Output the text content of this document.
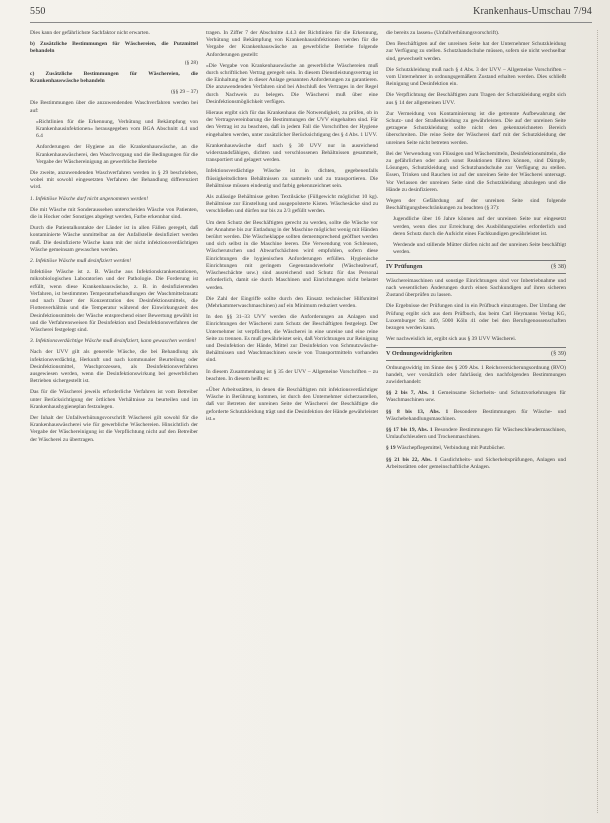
550	Krankenhaus-Umschau 7/94

Dies kann der gefährlichste Sachfaktor nicht erwarten.

b) Zusätzliche Bestimmungen für Wäschereien, die Putzmittel behandeln

(§ 28)

c) Zusätzliche Bestimmungen für Wäschereien, die Krankenhauswäsche behandeln

(§§ 29 – 37)

Die Bestimmungen über die anzuwendenden Waschverfahren werden bei auf:

»Richtlinien für die Erkennung, Verhütung und Bekämpfung von Krankenhausinfektionen« herausgegeben vom BGA Abschnitt 4.4 und 6.4

Anforderungen der Hygiene an die Krankenhauswäsche, an die Krankenhauswäscherei, den Waschvorgang und die Bedingungen für die Vergabe der Wäschereinigung an gewerbliche Betriebe

Die zweite, anzuwendenden Waschverfahren werden in § 29 beschrieben, wobei mit sowohl eingesetzten Verfahren der Behandlung differenziert wird.

1. Infektiöse Wäsche darf nicht angenommen werden!

Die mit Wäsche mit Sonderaussehen unterscheiden Wäsche von Patienten, die in Hocker oder Sonstiges abgelegt werden, Farbe erkennbar sind.

Durch die Patientalkontakte der Länder ist in allen Fällen geregelt, daß kontaminierte Wäsche unmittelbar an der Anfallstelle desinfiziert werden muß. Die desinfizierte Wäsche kann mit der nicht infektionsverdächtigen Wäsche gemeinsam gewaschen werden.

2. Infektiöse Wäsche muß desinfiziert werden!

Infektiöse Wäsche ist z. B. Wäsche aus Infektionskrankenstationen, mikrobiologischen Laboratorien und der Pathologie. Die Forderung ist erfüllt, wenn diese Krankenhauswäsche, z. B. in desinfizierenden Verfahren, ist bestimmten Temperaturbehandlungen der Waschmittelzusatz und nach Dauer der Konzentration des Desinfektionsmittels, die Flottenverhältnis und die Temperatur während der Einwirkungszeit des Desinfektionsmittels der Wäsche entsprechend einer Bewertung gewählt ist und die Verfahrensweisen für Desinfektion und Desinfektionsverfahren der Wäscherei festgelegt sind.

3. Infektionsverdächtige Wäsche muß desinfiziert, kann gewaschen werden!

Nach der UVV gilt als generelle Wäsche, die bei Behandlung als infektionsverdächtig, Herkunft und nach kommunaler Beurteilung oder Desinfektionsmittel, Waschprozessen, als Desinfektionsverfahren ausgewiesen werden, wenn die Desinfektionswirkung bei gewerblichen Betrieben sichergestellt ist.

Das für die Wäscherei jeweils erforderliche Verfahren ist vom Betreiber unter Berücksichtigung der örtlichen Verhältnisse zu beurteilen und im Krankenhaushygieneplan festzulegen.

Der Inhalt der Unfallverhütungsvorschrift Wäscherei gilt sowohl für die Krankenhauswäscherei wie für gewerbliche Wäschereien. Hinsichtlich der Vergabe der Wäschereinigung ist die Verpflichtung nicht auf den Betreiber der Wäscherei zu übertragen.

tragen. In Ziffer 7 der Abschnitte 4.4.3 der Richtlinien für die Erkennung, Verhütung und Bekämpfung von Krankenhausinfektionen werden für die Vergabe der Krankenhauswäsche an gewerbliche Betriebe folgende Anforderungen gestellt:

»Die Vergabe von Krankenhauswäsche an gewerbliche Wäschereien muß durch schriftlichen Vertrag geregelt sein. In diesem Dienstleistungsvertrag ist die Einhaltung der in dieser Anlage genannten Anforderungen zu garantieren. Die anzuwendenden Verfahren sind bei Abschluß des Vertrages in der Regel durch Nachweis zu belegen. Die Wäscherei muß über eine Desinfektionsmöglichkeit verfügen.

Hieraus ergibt sich für das Krankenhaus die Notwendigkeit, zu prüfen, ob in der Vertragsvereinbarung die Bestimmungen der UVV eingehalten sind. Für den Vertrag ist zu beachten, daß in jedem Fall die Vorschriften der Hygiene eingehalten werden, unter zusätzlicher Berücksichtigung des § 4 Abs. 1 UVV.

Krankenhauswäsche darf nach § 30 UVV nur in ausreichend widerstandsfähigen, dichten und verschlossenen Behältnissen gesammelt, transportiert und gelagert werden.

Infektionsverdächtige Wäsche ist in dichten, gegebenenfalls flüssigkeitsdichten Behältnissen zu sammeln und zu transportieren. Die Behältnisse müssen eindeutig und farbig gekennzeichnet sein.

Als zulässige Behältnisse gelten Textilsäcke (Füllgewicht möglichst 10 kg). Behältnisse zur Einstellung und ausgepolsterte Kisten. Wäschesäcke sind zu verschließen und dürfen nur bis zu 2/3 gefüllt werden.

Um dem Schutz der Beschäftigten gerecht zu werden, sollte die Wäsche vor der Annahme bis zur Entladung in der Maschine möglichst wenig mit Händen berührt werden. Die Wäscheklappe sollten dementsprechend geöffnet werden und sich selbst in die Maschine leeren. Die Verwendung von Schleusen, Wäscherutschen und Abwurfschächten wird empfohlen, sofern diese Einrichtungen die hygienischen Anforderungen erfüllen. Hygienische Einrichtungen mit geringem Gegenstandsverkehr (Wäscheabwurf, Wäscheschächte usw.) sind ausreichend und Schutz für das Personal erforderlich, damit sie durch Maschinen und Einrichtungen nicht belastet werden.

Die Zahl der Eingriffe sollte durch den Einsatz technischer Hilfsmittel (Mehrkammerwaschmaschinen) auf ein Minimum reduziert werden.

In den §§ 31–33 UVV werden die Anforderungen an Anlagen und Einrichtungen der Wäscherei zum Schutz der Beschäftigten festgelegt. Der Unternehmer ist verpflichtet, die Wäscherei in eine unreine und eine reine Seite zu trennen. Es muß gewährleistet sein, daß Vorrichtungen zur Reinigung und Desinfektion der Hände, Mittel zur Desinfektion von Schmutzwäsche-Behältnissen und Waschmaschinen sowie von Transportmitteln vorhanden sind.

In diesem Zusammenhang ist § 35 der UVV – Allgemeine Vorschriften – zu beachten. In diesem heißt es:

»Über Arbeitsstätten, in denen die Beschäftigten mit infektionsverdächtiger Wäsche in Berührung kommen, ist durch den Unternehmer sicherzustellen, daß vor Betreten der unreinen Seite der Wäscherei der Beschäftigte die geforderte Schutzkleidung trägt und die Desinfektion der Hände gewährleistet ist.«

die bereits zu lassen« (Unfallverhütungsvorschrift).

Den Beschäftigten auf der unreinen Seite hat der Unternehmer Schutzkleidung zur Verfügung zu stellen. Schutzhandschuhe müssen, sofern sie nicht wechselbar sind, gewechselt werden.

Die Schutzkleidung muß nach § 4 Abs. 3 der UVV – Allgemeine Vorschriften – vom Unternehmer in ordnungsgemäßem Zustand erhalten werden. Dies schließt Reinigung und Desinfektion ein.

Die Verpflichtung der Beschäftigten zum Tragen der Schutzkleidung ergibt sich aus § 14 der allgemeinen UVV.

Zur Vermeidung von Kontaminierung ist die getrennte Aufbewahrung der Schutz- und der Straßenkleidung zu gewährleisten. Die auf der unreinen Seite getragene Schutzkleidung sollte nicht den gekennzeichneten Bereich überschreiten. Die reine Seite der Wäscherei darf mit der Schutzkleidung der unreinen Seite nicht betreten werden.

Bei der Verwendung von Flüssigen und Wäschemitteln, Desinfektionsmitteln, die zu gefährlichen oder auch sonst Reaktionen führen können, sind Dämpfe, Lösungen, Schutzkleidung und Schutzhandschuhe zur Verfügung zu stellen. Essen, Trinken und Rauchen ist auf der unreinen Seite der Wäscherei untersagt. Vor Verlassen der unreinen Seite sind die Schutzkleidung abzulegen und die Hände zu desinfizieren.

Wegen der Gefährdung auf der unreinen Seite sind folgende Beschäftigungsbeschränkungen zu beachten (§ 37):

• Jugendliche über 16 Jahre können auf der unreinen Seite nur eingesetzt werden, wenn dies zur Erreichung des Ausbildungszieles erforderlich und deren Schutz durch die Aufsicht eines Fachkundigen gewährleistet ist.
• Werdende und stillende Mütter dürfen nicht auf der unreinen Seite beschäftigt werden.
(§ 38)
IV Prüfungen

Wäschereimaschinen und sonstige Einrichtungen sind vor Inbetriebnahme und nach wesentlichen Änderungen durch einen Sachkundigen auf ihren sicheren Zustand überprüfen zu lassen.

Die Ergebnisse der Prüfungen sind in ein Prüfbuch einzutragen. Der Umfang der Prüfung ergibt sich aus dem Prüfbuch, das beim Carl Heymanns Verlag KG, Luxemburger Str. 449, 5000 Köln 41 oder bei den Berufsgenossenschaften bezogen werden kann.

Wer nachweislich ist, ergibt sich aus § 39 UVV Wäscherei.

(§ 39)
V Ordnungswidrigkeiten

Ordnungswidrig im Sinne des § 209 Abs. 1 Reichsversicherungsordnung (RVO) handelt, wer vorsätzlich oder fahrlässig den nachfolgenden Bestimmungen zuwiderhandelt:

§§ 2 bis 7, Abs. 1 Gemeinsame Sicherheits- und Schutzvorkehrungen für Waschmaschinen usw.

§§ 8 bis 13, Abs. 1 Besondere Bestimmungen für Wäsche- und Wäschebehandlungsmaschinen.

§§ 17 bis 19, Abs. 1 Besondere Bestimmungen für Wäscheschleudermaschinen, Umlaufschleudern und Trockenmaschinen.

§ 19 Wäschepflegemittel, Verbindung mit Putzbücher.

§§ 21 bis 22, Abs. 1 Gasdichtheits- und Sicherheitsprüfungen, Anlagen und Arbeitsstätten oder gemeinschaftliche Anlagen.
